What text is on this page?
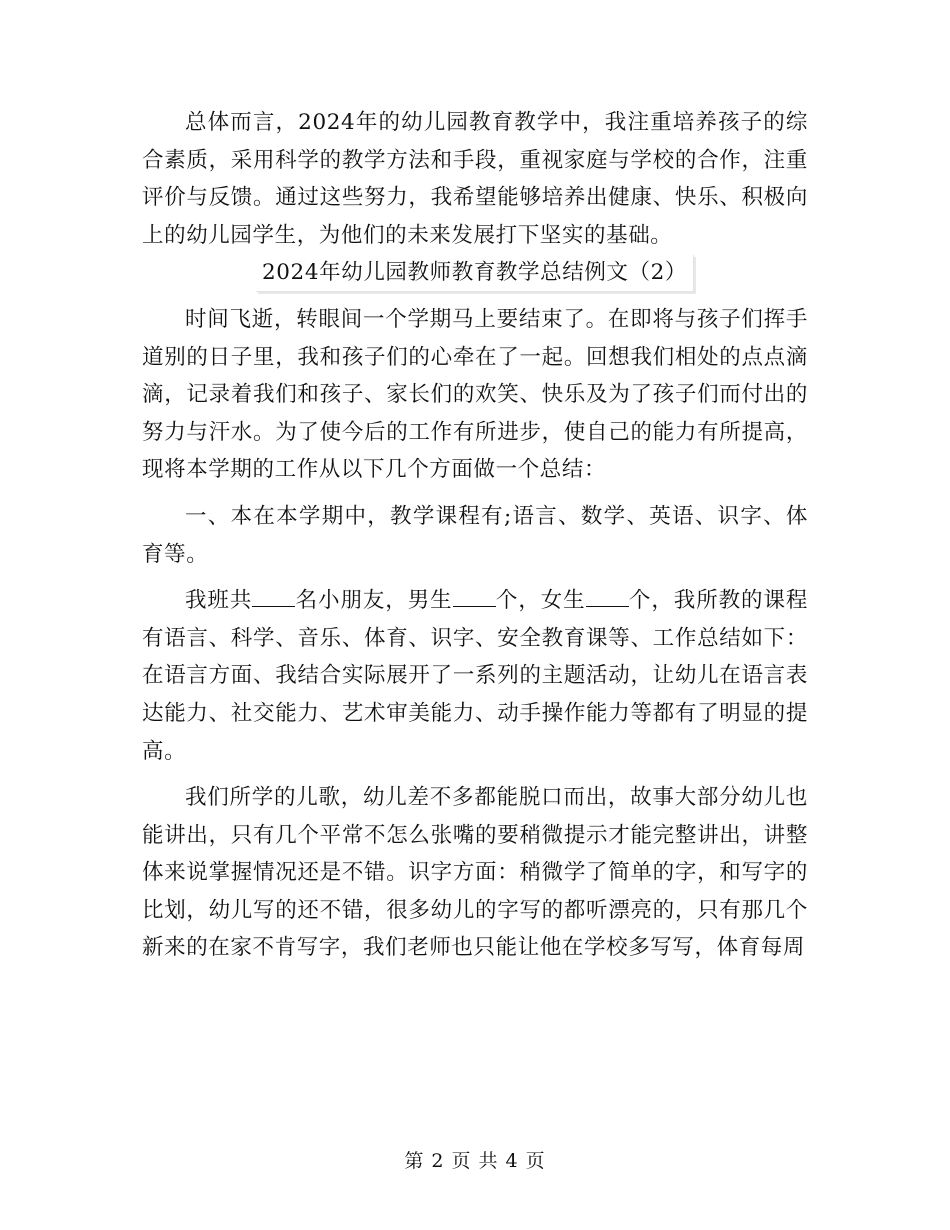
总体而言，2024年的幼儿园教育教学中，我注重培养孩子的综合素质，采用科学的教学方法和手段，重视家庭与学校的合作，注重评价与反馈。通过这些努力，我希望能够培养出健康、快乐、积极向上的幼儿园学生，为他们的未来发展打下坚实的基础。

2024年幼儿园教师教育教学总结例文（2）

时间飞逝，转眼间一个学期马上要结束了。在即将与孩子们挥手道别的日子里，我和孩子们的心牵在了一起。回想我们相处的点点滴滴，记录着我们和孩子、家长们的欢笑、快乐及为了孩子们而付出的努力与汗水。为了使今后的工作有所进步，使自己的能力有所提高，现将本学期的工作从以下几个方面做一个总结：

一、本在本学期中，教学课程有;语言、数学、英语、识字、体育等。

我班共 名小朋友，男生 个，女生 个，我所教的课程有语言、科学、音乐、体育、识字、安全教育课等、工作总结如下：在语言方面、我结合实际展开了一系列的主题活动，让幼儿在语言表达能力、社交能力、艺术审美能力、动手操作能力等都有了明显的提高。

我们所学的儿歌，幼儿差不多都能脱口而出，故事大部分幼儿也能讲出，只有几个平常不怎么张嘴的要稍微提示才能完整讲出，讲整体来说掌握情况还是不错。识字方面：稍微学了简单的字，和写字的比划，幼儿写的还不错，很多幼儿的字写的都听漂亮的，只有那几个新来的在家不肯写字，我们老师也只能让他在学校多写写，体育每周

第 2 页 共 4 页
